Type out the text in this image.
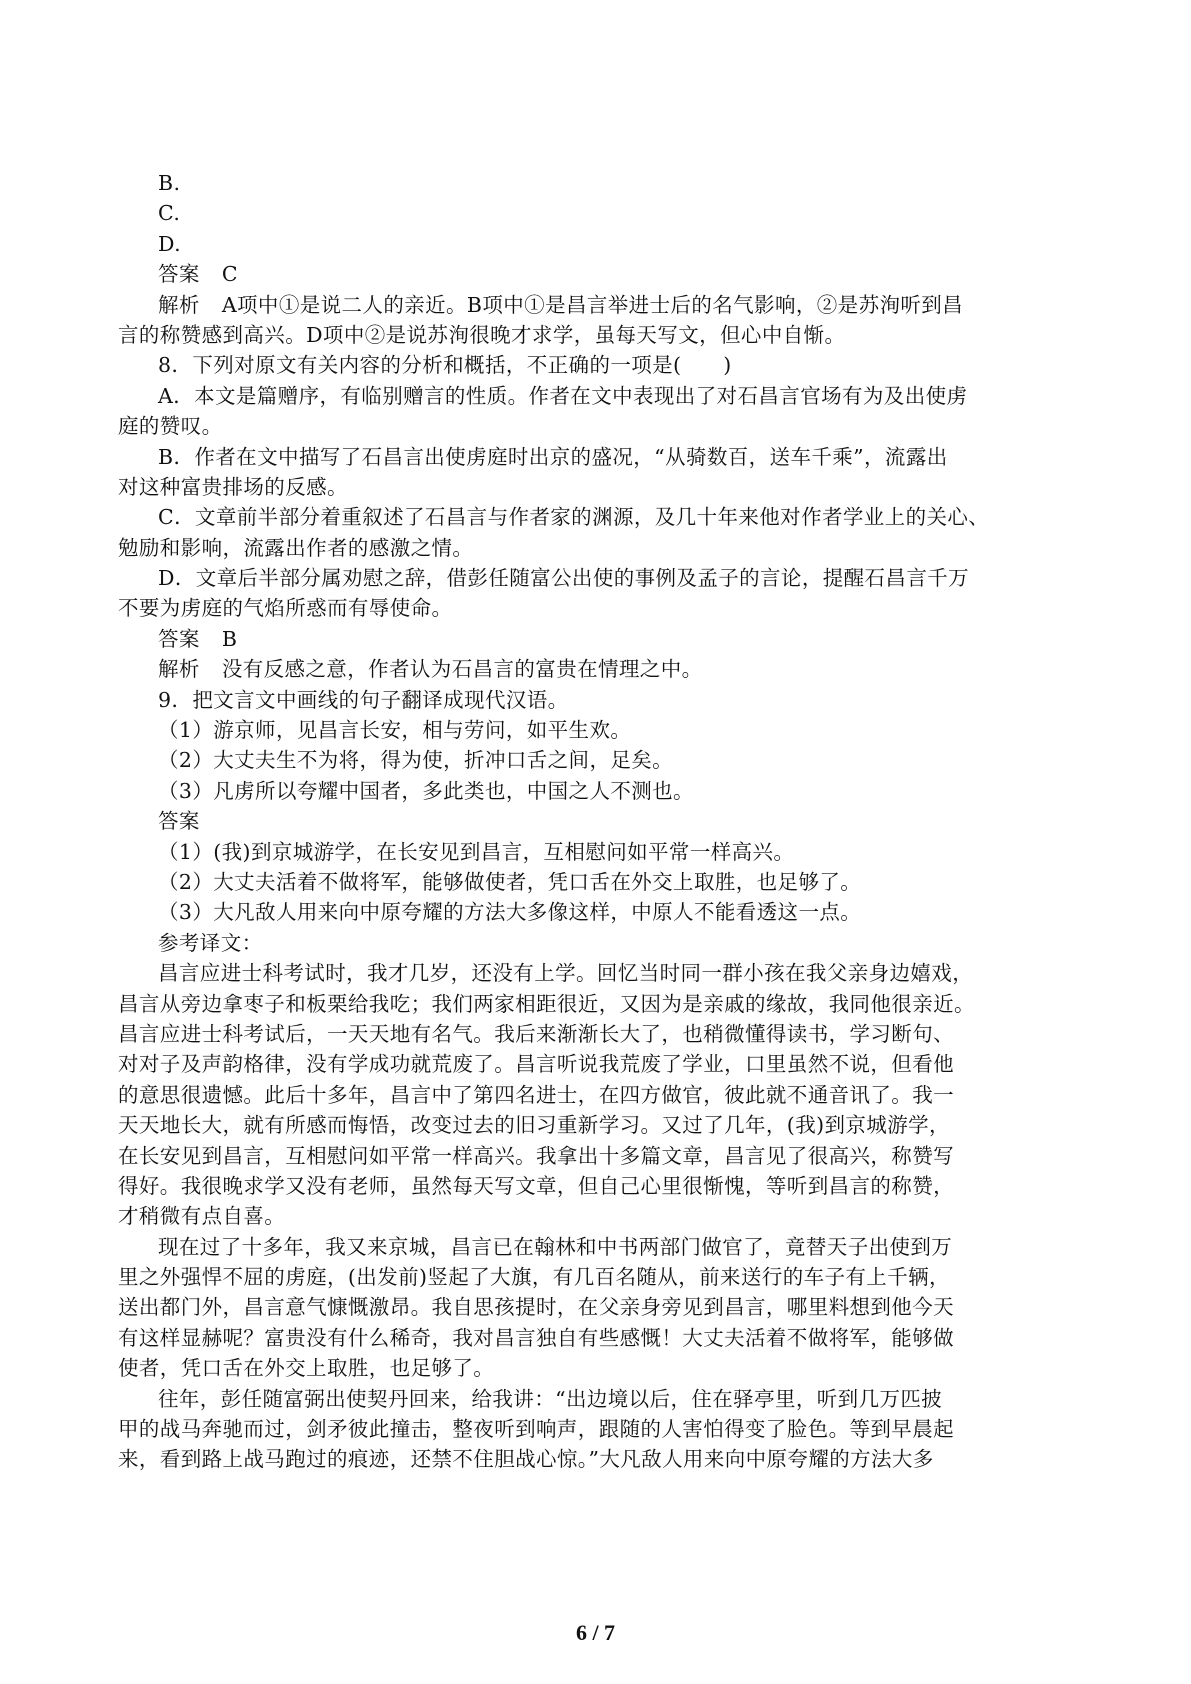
B.
C.
D.
答案 C
解析 A项中①是说二人的亲近。B项中①是昌言举进士后的名气影响，②是苏洵听到昌
言的称赞感到高兴。D项中②是说苏洵很晚才求学，虽每天写文，但心中自惭。
8．下列对原文有关内容的分析和概括，不正确的一项是(　　)
A．本文是篇赠序，有临别赠言的性质。作者在文中表现出了对石昌言官场有为及出使虏
庭的赞叹。
B．作者在文中描写了石昌言出使虏庭时出京的盛况，“从骑数百，送车千乘”，流露出
对这种富贵排场的反感。
C．文章前半部分着重叙述了石昌言与作者家的渊源，及几十年来他对作者学业上的关心、
勉励和影响，流露出作者的感激之情。
D．文章后半部分属劝慰之辞，借彭任随富公出使的事例及孟子的言论，提醒石昌言千万
不要为虏庭的气焰所惑而有辱使命。
答案 B
解析 没有反感之意，作者认为石昌言的富贵在情理之中。
9．把文言文中画线的句子翻译成现代汉语。
（1）游京师，见昌言长安，相与劳问，如平生欢。
（2）大丈夫生不为将，得为使，折冲口舌之间，足矣。
（3）凡虏所以夸耀中国者，多此类也，中国之人不测也。
答案
（1）(我)到京城游学，在长安见到昌言，互相慰问如平常一样高兴。
（2）大丈夫活着不做将军，能够做使者，凭口舌在外交上取胜，也足够了。
（3）大凡敌人用来向中原夸耀的方法大多像这样，中原人不能看透这一点。
参考译文：
昌言应进士科考试时，我才几岁，还没有上学。回忆当时同一群小孩在我父亲身边嬉戏，
昌言从旁边拿枣子和板栗给我吃；我们两家相距很近，又因为是亲戚的缘故，我同他很亲近。
昌言应进士科考试后，一天天地有名气。我后来渐渐长大了，也稍微懂得读书，学习断句、
对对子及声韵格律，没有学成功就荒废了。昌言听说我荒废了学业，口里虽然不说，但看他
的意思很遗憾。此后十多年，昌言中了第四名进士，在四方做官，彼此就不通音讯了。我一
天天地长大，就有所感而悔悟，改变过去的旧习重新学习。又过了几年，(我)到京城游学，
在长安见到昌言，互相慰问如平常一样高兴。我拿出十多篇文章，昌言见了很高兴，称赞写
得好。我很晚求学又没有老师，虽然每天写文章，但自己心里很惭愧，等听到昌言的称赞，
才稍微有点自喜。
现在过了十多年，我又来京城，昌言已在翰林和中书两部门做官了，竟替天子出使到万
里之外强悍不屈的虏庭，(出发前)竖起了大旗，有几百名随从，前来送行的车子有上千辆，
送出都门外，昌言意气慷慨激昂。我自思孩提时，在父亲身旁见到昌言，哪里料想到他今天
有这样显赫呢？富贵没有什么稀奇，我对昌言独自有些感慨！大丈夫活着不做将军，能够做
使者，凭口舌在外交上取胜，也足够了。
往年，彭任随富弼出使契丹回来，给我讲：“出边境以后，住在驿亭里，听到几万匹披
甲的战马奔驰而过，剑矛彼此撞击，整夜听到响声，跟随的人害怕得变了脸色。等到早晨起
来，看到路上战马跑过的痕迹，还禁不住胆战心惊。”大凡敌人用来向中原夸耀的方法大多
6 / 7
